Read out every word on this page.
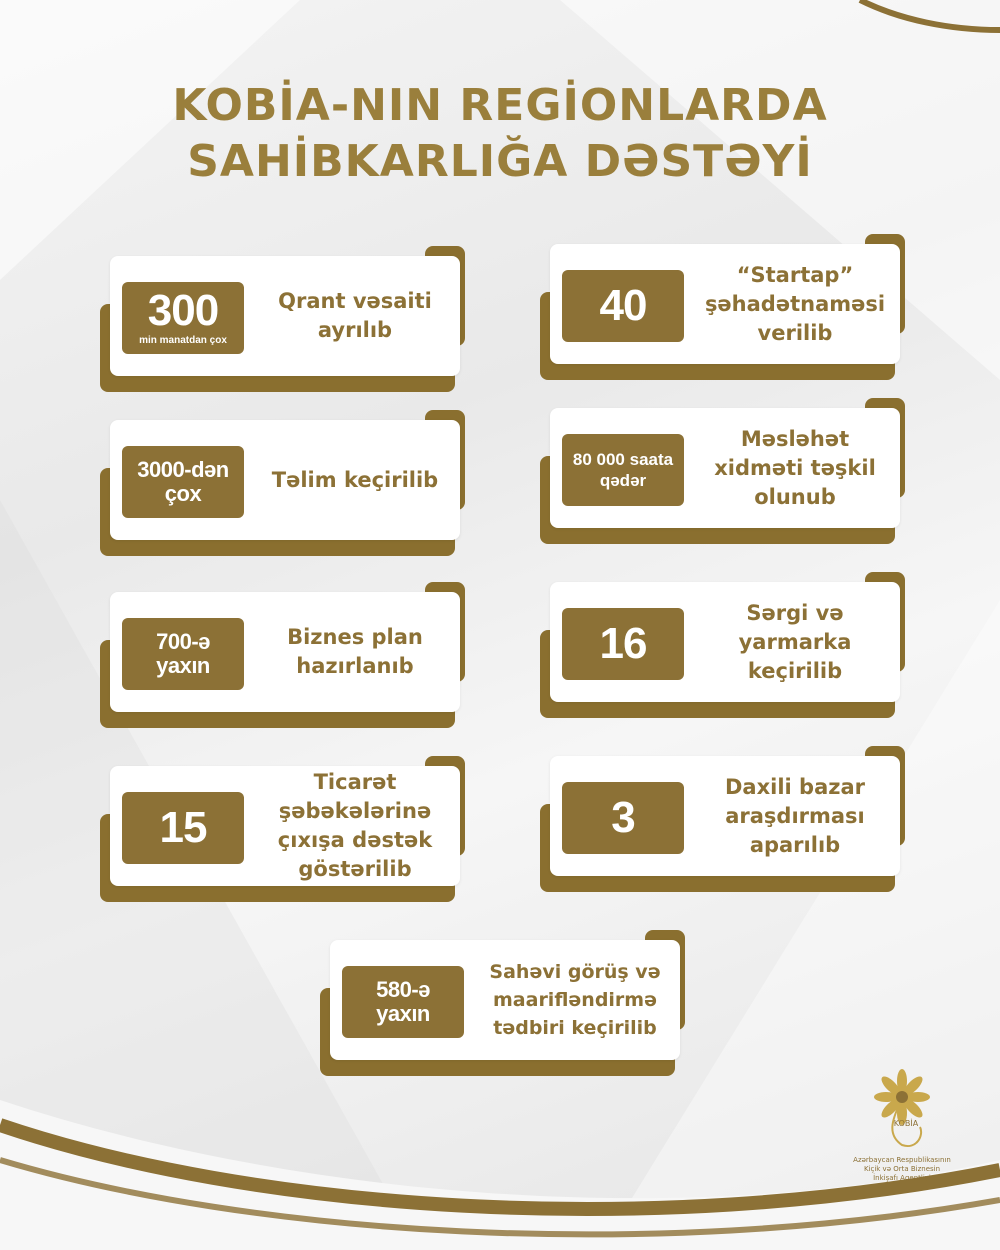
KOBİA-NIN REGİONLARDA
SAHİBKARLIĞA DƏSTƏYİ
300
min manatdan çox
Qrant vəsaiti ayrılıb	40
“Startap” şəhadətnaməsi verilib
3000-dən çox
Təlim keçirilib
80 000 saata qədər
Məsləhət xidməti təşkil olunub
700-ə yaxın
Biznes plan hazırlanıb	16
Sərgi və yarmarka keçirilib
15
Ticarət şəbəkələrinə çıxışa dəstək göstərilib
3
Daxili bazar araşdırması aparılıb
580-ə yaxın
Sahəvi görüş və maarifləndirmə tədbiri keçirilib
KOBİA
Azərbaycan Respublikasının
Kiçik və Orta Biznesin
İnkişafı Agentliyi
